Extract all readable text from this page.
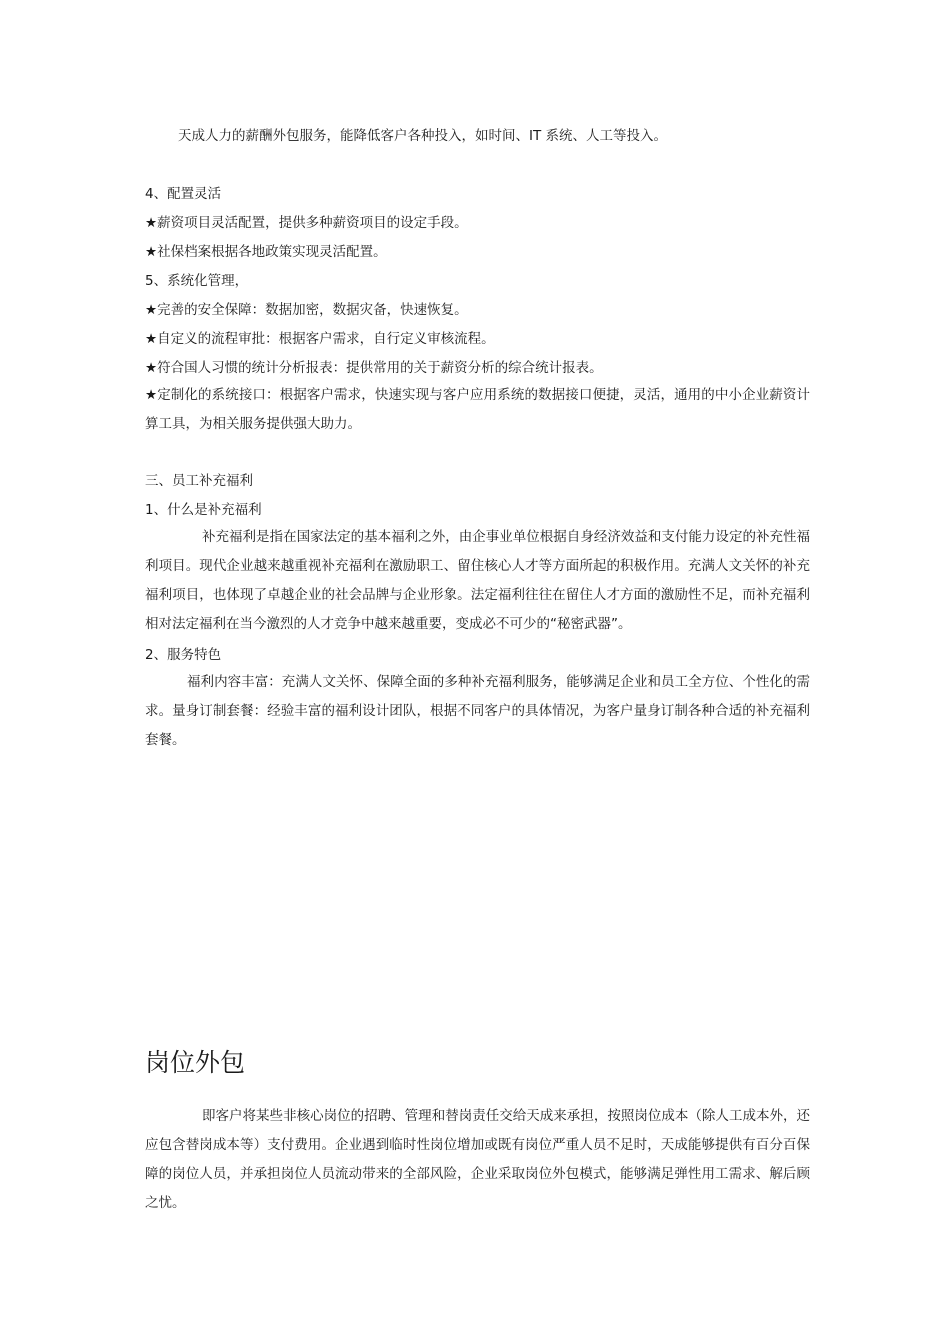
天成人力的薪酬外包服务，能降低客户各种投入，如时间、IT 系统、人工等投入。
4、配置灵活
★薪资项目灵活配置，提供多种薪资项目的设定手段。
★社保档案根据各地政策实现灵活配置。
5、系统化管理，
★完善的安全保障：数据加密，数据灾备，快速恢复。
★自定义的流程审批：根据客户需求，自行定义审核流程。
★符合国人习惯的统计分析报表：提供常用的关于薪资分析的综合统计报表。
★定制化的系统接口：根据客户需求，快速实现与客户应用系统的数据接口便捷，灵活，通用的中小企业薪资计算工具，为相关服务提供强大助力。
三、员工补充福利
1、什么是补充福利
补充福利是指在国家法定的基本福利之外，由企事业单位根据自身经济效益和支付能力设定的补充性福利项目。现代企业越来越重视补充福利在激励职工、留住核心人才等方面所起的积极作用。充满人文关怀的补充福利项目，也体现了卓越企业的社会品牌与企业形象。法定福利往往在留住人才方面的激励性不足，而补充福利相对法定福利在当今激烈的人才竞争中越来越重要，变成必不可少的“秘密武器”。
2、服务特色
福利内容丰富：充满人文关怀、保障全面的多种补充福利服务，能够满足企业和员工全方位、个性化的需求。量身订制套餐：经验丰富的福利设计团队，根据不同客户的具体情况，为客户量身订制各种合适的补充福利套餐。
岗位外包
即客户将某些非核心岗位的招聘、管理和替岗责任交给天成来承担，按照岗位成本（除人工成本外，还应包含替岗成本等）支付费用。企业遇到临时性岗位增加或既有岗位严重人员不足时，天成能够提供有百分百保障的岗位人员，并承担岗位人员流动带来的全部风险，企业采取岗位外包模式，能够满足弹性用工需求、解后顾之忧。
